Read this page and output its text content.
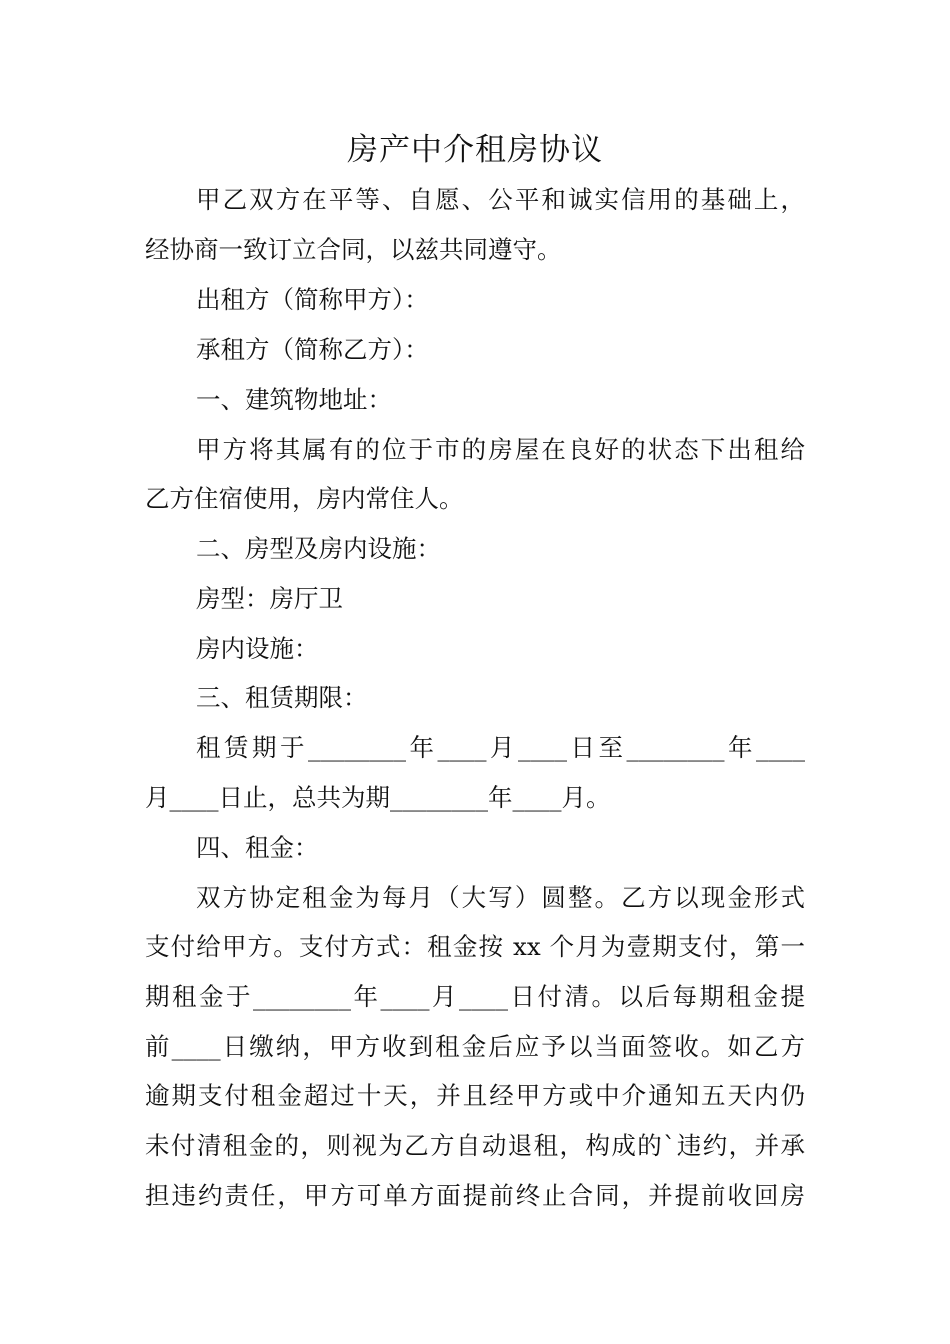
房产中介租房协议
甲乙双方在平等、自愿、公平和诚实信用的基础上，
经协商一致订立合同，以兹共同遵守。
出租方（简称甲方）：
承租方（简称乙方）：
一、建筑物地址：
甲方将其属有的位于市的房屋在良好的状态下出租给
乙方住宿使用，房内常住人。
二、房型及房内设施：
房型：房厅卫
房内设施：
三、租赁期限：
租赁期于________年____月____日至________年____
月____日止，总共为期________年____月。
四、租金：
双方协定租金为每月（大写）圆整。乙方以现金形式
支付给甲方。支付方式：租金按 xx 个月为壹期支付，第一
期租金于________年____月____日付清。以后每期租金提
前____日缴纳，甲方收到租金后应予以当面签收。如乙方
逾期支付租金超过十天，并且经甲方或中介通知五天内仍
未付清租金的，则视为乙方自动退租，构成的`违约，并承
担违约责任，甲方可单方面提前终止合同，并提前收回房
